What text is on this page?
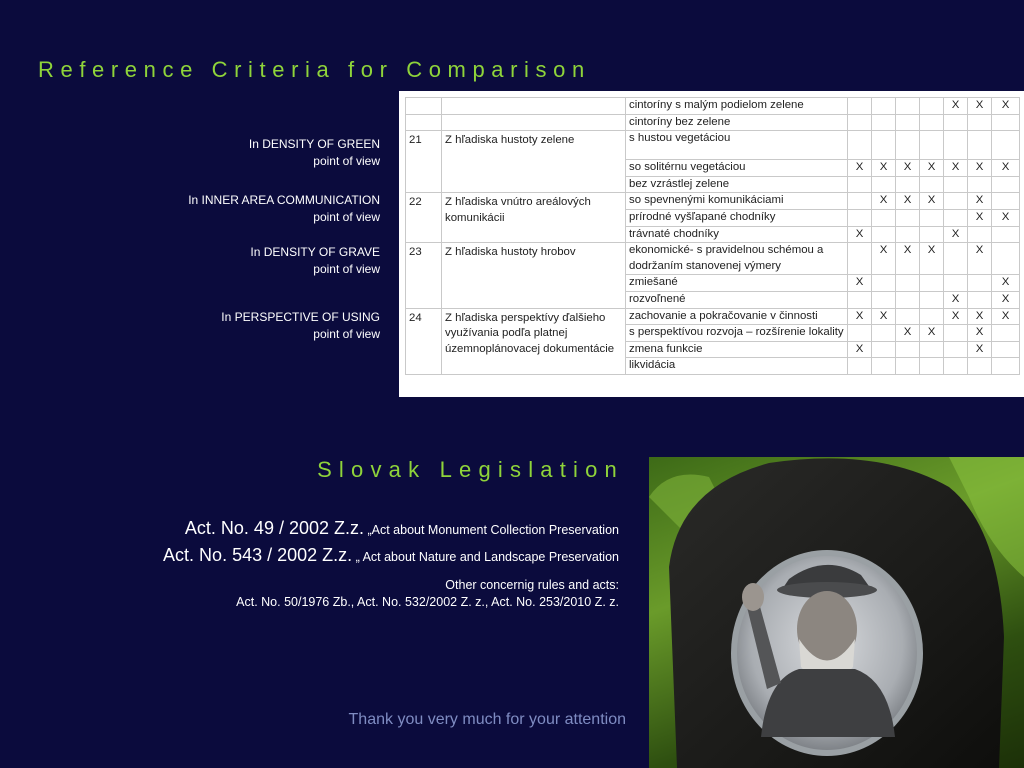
Reference Criteria for Comparison
In DENSITY OF GREEN
point of view
In INNER AREA COMMUNICATION
point of view
In DENSITY OF GRAVE
point of view
In PERSPECTIVE OF USING
point of view
		cintoríny s malým podielom zelene					X	X	X
		cintoríny bez zelene							
21	Z hľadiska hustoty zelene	s hustou vegetáciou							
		so solitérnu vegetáciou	X	X	X	X	X	X	X
		bez vzrástlej zelene							
22	Z hľadiska vnútro areálových komunikácii	so spevnenými komunikáciami		X	X	X		X	
		prírodné vyšľapané chodníky						X	X
		trávnaté chodníky	X				X		
23	Z hľadiska hustoty hrobov	ekonomické- s pravidelnou schémou a dodržaním stanovenej výmery		X	X	X		X	
		zmiešané	X						X
		rozvoľnené					X		X
24	Z hľadiska perspektívy ďalšieho využívania podľa platnej územnoplánovacej dokumentácie	zachovanie a pokračovanie v činnosti	X	X			X	X	X
		s perspektívou rozvoja – rozšírenie lokality			X	X		X	
		zmena funkcie	X					X	
		likvidácia							
Slovak Legislation
Act. No. 49 / 2002 Z.z. „Act about Monument Collection Preservation
Act. No. 543 / 2002 Z.z. „ Act about Nature and Landscape Preservation
Other concernig rules and acts:
Act. No. 50/1976 Zb., Act. No. 532/2002 Z. z., Act. No. 253/2010 Z. z.
Thank you very much for your attention
